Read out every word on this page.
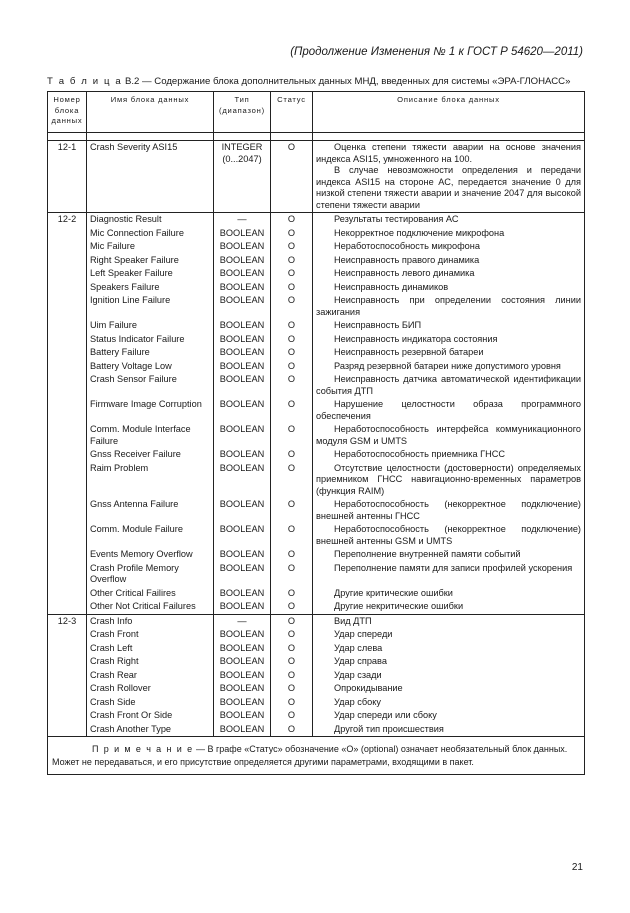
(Продолжение Изменения № 1 к ГОСТ Р 54620—2011)
Т а б л и ц а В.2 — Содержание блока дополнительных данных МНД, введенных для системы «ЭРА-ГЛОНАСС»
Номер блока данных	Имя блока данных	Тип (диапазон)	Статус	Описание блока данных

12-1	Crash Severity ASI15	INTEGER (0...2047)	O	Оценка степени тяжести аварии на основе значения индекса ASI15, умноженного на 100.
В случае невозможности определения и передачи индекса ASI15 на стороне АС, передается значение 0 для низкой степени тяжести аварии и значение 2047 для высокой степени тяжести аварии

12-2	Diagnostic Result	—	O	Результаты тестирования АС

	Mic Connection Failure	BOOLEAN	O	Некорректное подключение микрофона

	Mic Failure	BOOLEAN	O	Неработоспособность микрофона

	Right Speaker Failure	BOOLEAN	O	Неисправность правого динамика

	Left Speaker Failure	BOOLEAN	O	Неисправность левого динамика

	Speakers Failure	BOOLEAN	O	Неисправность динамиков

	Ignition Line Failure	BOOLEAN	O	Неисправность при определении состояния линии зажигания

	Uim Failure	BOOLEAN	O	Неисправность БИП

	Status Indicator Failure	BOOLEAN	O	Неисправность индикатора состояния

	Battery Failure	BOOLEAN	O	Неисправность резервной батареи

	Battery Voltage Low	BOOLEAN	O	Разряд резервной батареи ниже допустимого уровня

	Crash Sensor Failure	BOOLEAN	O	Неисправность датчика автоматической идентификации события ДТП

	Firmware Image Corruption	BOOLEAN	O	Нарушение целостности образа программного обеспечения

	Comm. Module Interface Failure	BOOLEAN	O	Неработоспособность интерфейса коммуникационного модуля GSM и UMTS

	Gnss Receiver Failure	BOOLEAN	O	Неработоспособность приемника ГНСС

	Raim Problem	BOOLEAN	O	Отсутствие целостности (достоверности) определяемых приемником ГНСС навигационно-временных параметров (функция RAIM)

	Gnss Antenna Failure	BOOLEAN	O	Неработоспособность (некорректное подключение) внешней антенны ГНСС

	Comm. Module Failure	BOOLEAN	O	Неработоспособность (некорректное подключение) внешней антенны GSM и UMTS

	Events Memory Overflow	BOOLEAN	O	Переполнение внутренней памяти событий

	Crash Profile Memory Overflow	BOOLEAN	O	Переполнение памяти для записи профилей ускорения

	Other Critical Failires	BOOLEAN	O	Другие критические ошибки

	Other Not Critical Failures	BOOLEAN	O	Другие некритические ошибки

12-3	Crash Info	—	O	Вид ДТП

	Crash Front	BOOLEAN	O	Удар спереди

	Crash Left	BOOLEAN	O	Удар слева

	Crash Right	BOOLEAN	O	Удар справа

	Crash Rear	BOOLEAN	O	Удар сзади

	Crash Rollover	BOOLEAN	O	Опрокидывание

	Crash Side	BOOLEAN	O	Удар сбоку

	Crash Front Or Side	BOOLEAN	O	Удар спереди или сбоку

	Crash Another Type	BOOLEAN	O	Другой тип происшествия

П р и м е ч а н и е — В графе «Статус» обозначение «O» (optional) означает необязательный блок данных. Может не передаваться, и его присутствие определяется другими параметрами, входящими в пакет.				
21
